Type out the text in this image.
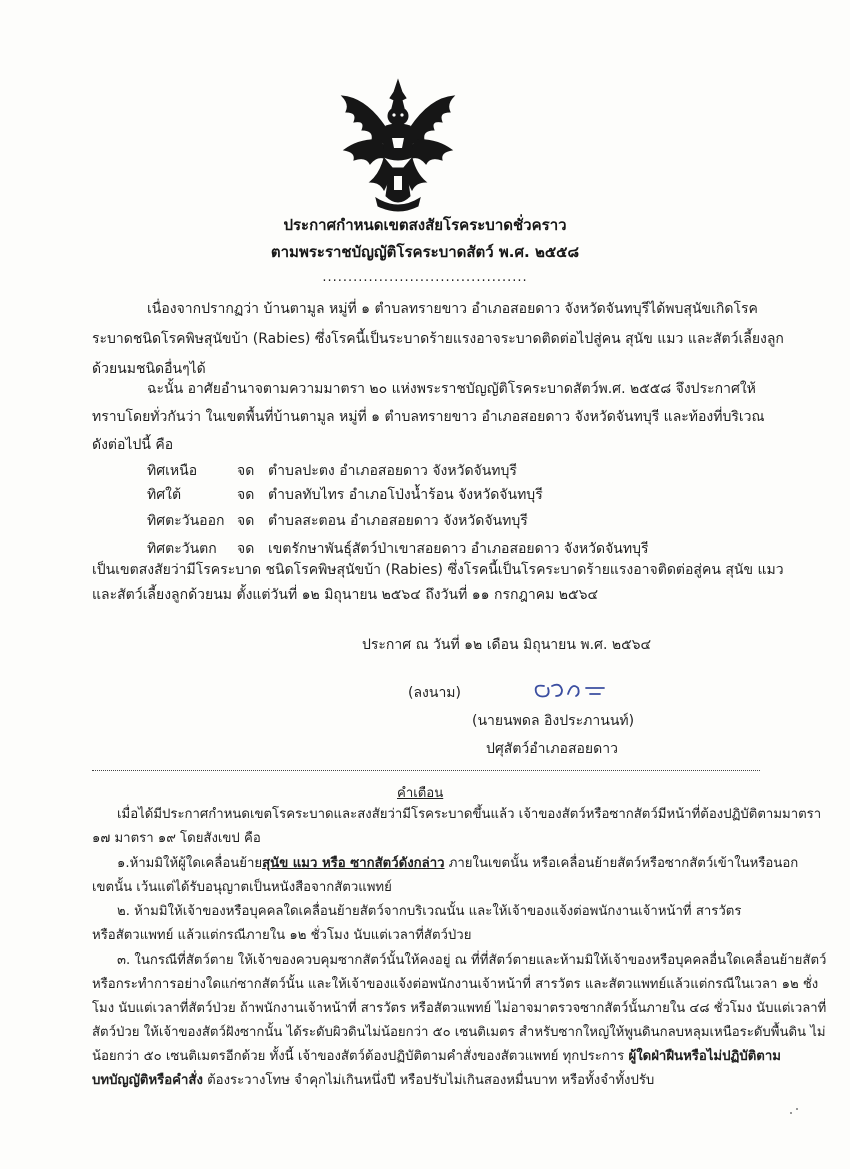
ประกาศกำหนดเขตสงสัยโรคระบาดชั่วคราว
ตามพระราชบัญญัติโรคระบาดสัตว์ พ.ศ. ๒๕๕๘
........................................
เนื่องจากปรากฏว่า บ้านตามูล หมู่ที่ ๑ ตำบลทรายขาว อำเภอสอยดาว จังหวัดจันทบุรีได้พบสุนัขเกิดโรค
ระบาดชนิดโรคพิษสุนัขบ้า (Rabies) ซึ่งโรคนี้เป็นระบาดร้ายแรงอาจระบาดติดต่อไปสู่คน สุนัข แมว และสัตว์เลี้ยงลูก
ด้วยนมชนิดอื่นๆได้
ฉะนั้น อาศัยอำนาจตามความมาตรา ๒๐ แห่งพระราชบัญญัติโรคระบาดสัตว์พ.ศ. ๒๕๕๘ จึงประกาศให้
ทราบโดยทั่วกันว่า ในเขตพื้นที่บ้านตามูล หมู่ที่ ๑ ตำบลทรายขาว อำเภอสอยดาว จังหวัดจันทบุรี และท้องที่บริเวณ
ดังต่อไปนี้ คือ
ทิศเหนือ	จด ตำบลปะตง อำเภอสอยดาว จังหวัดจันทบุรี
ทิศใต้	จด ตำบลทับไทร อำเภอโป่งน้ำร้อน จังหวัดจันทบุรี
ทิศตะวันออก จด ตำบลสะตอน อำเภอสอยดาว จังหวัดจันทบุรี
ทิศตะวันตก จด เขตรักษาพันธุ์สัตว์ป่าเขาสอยดาว อำเภอสอยดาว จังหวัดจันทบุรี
เป็นเขตสงสัยว่ามีโรคระบาด ชนิดโรคพิษสุนัขบ้า (Rabies) ซึ่งโรคนี้เป็นโรคระบาดร้ายแรงอาจติดต่อสู่คน สุนัข แมว
และสัตว์เลี้ยงลูกด้วยนม ตั้งแต่วันที่ ๑๒ มิถุนายน ๒๕๖๔ ถึงวันที่ ๑๑ กรกฎาคม ๒๕๖๔
ประกาศ ณ วันที่ ๑๒ เดือน มิถุนายน พ.ศ. ๒๕๖๔
(ลงนาม)
(นายนพดล อิงประภานนท์)
ปศุสัตว์อำเภอสอยดาว
คำเตือน
เมื่อได้มีประกาศกำหนดเขตโรคระบาดและสงสัยว่ามีโรคระบาดขึ้นแล้ว เจ้าของสัตว์หรือซากสัตว์มีหน้าที่ต้องปฏิบัติตามมาตรา
๑๗ มาตรา ๑๙ โดยสังเขป คือ
๑.ห้ามมิให้ผู้ใดเคลื่อนย้ายสุนัข แมว หรือ ซากสัตว์ดังกล่าว ภายในเขตนั้น หรือเคลื่อนย้ายสัตว์หรือซากสัตว์เข้าในหรือนอก
เขตนั้น เว้นแต่ได้รับอนุญาตเป็นหนังสือจากสัตวแพทย์
๒. ห้ามมิให้เจ้าของหรือบุคคลใดเคลื่อนย้ายสัตว์จากบริเวณนั้น และให้เจ้าของแจ้งต่อพนักงานเจ้าหน้าที่ สารวัตร
หรือสัตวแพทย์ แล้วแต่กรณีภายใน ๑๒ ชั่วโมง นับแต่เวลาที่สัตว์ป่วย
๓. ในกรณีที่สัตว์ตาย ให้เจ้าของควบคุมซากสัตว์นั้นให้คงอยู่ ณ ที่ที่สัตว์ตายและห้ามมิให้เจ้าของหรือบุคคลอื่นใดเคลื่อนย้ายสัตว์
หรือกระทำการอย่างใดแก่ซากสัตว์นั้น และให้เจ้าของแจ้งต่อพนักงานเจ้าหน้าที่ สารวัตร และสัตวแพทย์แล้วแต่กรณีในเวลา ๑๒ ชั่ง
โมง นับแต่เวลาที่สัตว์ป่วย ถ้าพนักงานเจ้าหน้าที่ สารวัตร หรือสัตวแพทย์ ไม่อาจมาตรวจซากสัตว์นั้นภายใน ๔๘ ชั่วโมง นับแต่เวลาที่
สัตว์ป่วย ให้เจ้าของสัตว์ฝังซากนั้น ได้ระดับผิวดินไม่น้อยกว่า ๕๐ เซนติเมตร สำหรับซากใหญ่ให้พูนดินกลบหลุมเหนือระดับพื้นดิน ไม่
น้อยกว่า ๕๐ เซนติเมตรอีกด้วย ทั้งนี้ เจ้าของสัตว์ต้องปฏิบัติตามคำสั่งของสัตวแพทย์ ทุกประการ ผู้ใดฝ่าฝืนหรือไม่ปฏิบัติตาม
บทบัญญัติหรือคำสั่ง ต้องระวางโทษ จำคุกไม่เกินหนึ่งปี หรือปรับไม่เกินสองหมื่นบาท หรือทั้งจำทั้งปรับ
